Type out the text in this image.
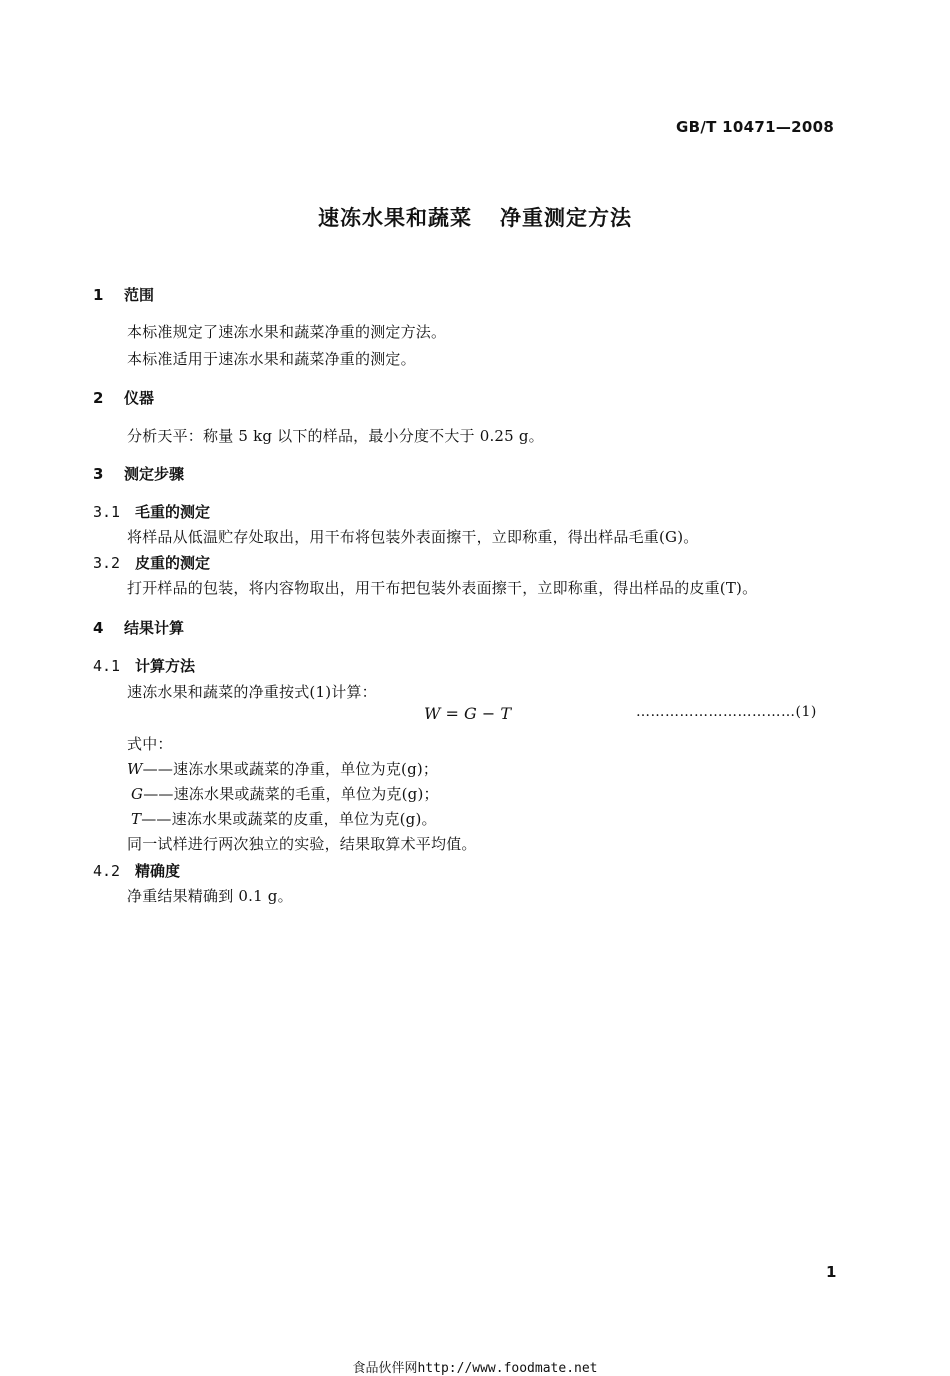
GB/T 10471—2008
速冻水果和蔬菜 净重测定方法
1 范围
本标准规定了速冻水果和蔬菜净重的测定方法。
本标准适用于速冻水果和蔬菜净重的测定。
2 仪器
分析天平：称量 5 kg 以下的样品，最小分度不大于 0.25 g。
3 测定步骤
3.1 毛重的测定
将样品从低温贮存处取出，用干布将包装外表面擦干，立即称重，得出样品毛重(G)。
3.2 皮重的测定
打开样品的包装，将内容物取出，用干布把包装外表面擦干，立即称重，得出样品的皮重(T)。
4 结果计算
4.1 计算方法
速冻水果和蔬菜的净重按式(1)计算：
W = G − T	……………………………(1)
式中：
W——速冻水果或蔬菜的净重，单位为克(g)；
G——速冻水果或蔬菜的毛重，单位为克(g)；
T——速冻水果或蔬菜的皮重，单位为克(g)。
同一试样进行两次独立的实验，结果取算术平均值。
4.2 精确度
净重结果精确到 0.1 g。
1
食品伙伴网http://www.foodmate.net
